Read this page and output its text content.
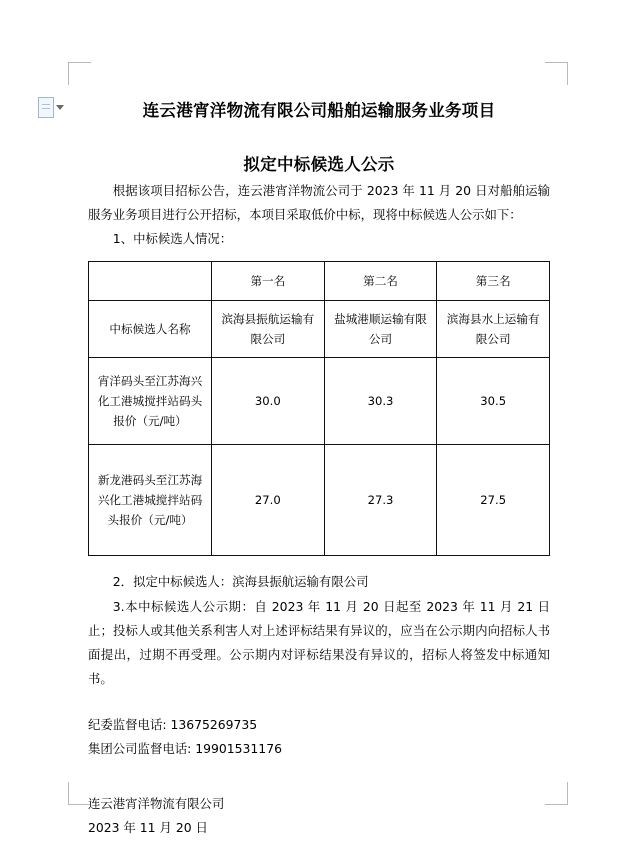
连云港宵洋物流有限公司船舶运输服务业务项目
拟定中标候选人公示

根据该项目招标公告，连云港宵洋物流公司于 2023 年 11 月 20 日对船舶运输服务业务项目进行公开招标，本项目采取低价中标，现将中标候选人公示如下：

1、中标候选人情况：

	第一名	第二名	第三名
中标候选人名称	滨海县振航运输有限公司	盐城港顺运输有限公司	滨海县水上运输有限公司
宵洋码头至江苏海兴化工港城搅拌站码头报价（元/吨）	30.0	30.3	30.5
新龙港码头至江苏海兴化工港城搅拌站码头报价（元/吨）	27.0	27.3	27.5

2．拟定中标候选人：滨海县振航运输有限公司

3.本中标候选人公示期：自 2023 年 11 月 20 日起至 2023 年 11 月 21 日止；投标人或其他关系利害人对上述评标结果有异议的，应当在公示期内向招标人书面提出，过期不再受理。公示期内对评标结果没有异议的，招标人将签发中标通知书。

纪委监督电话: 13675269735

集团公司监督电话: 19901531176

连云港宵洋物流有限公司

2023 年 11 月 20 日
